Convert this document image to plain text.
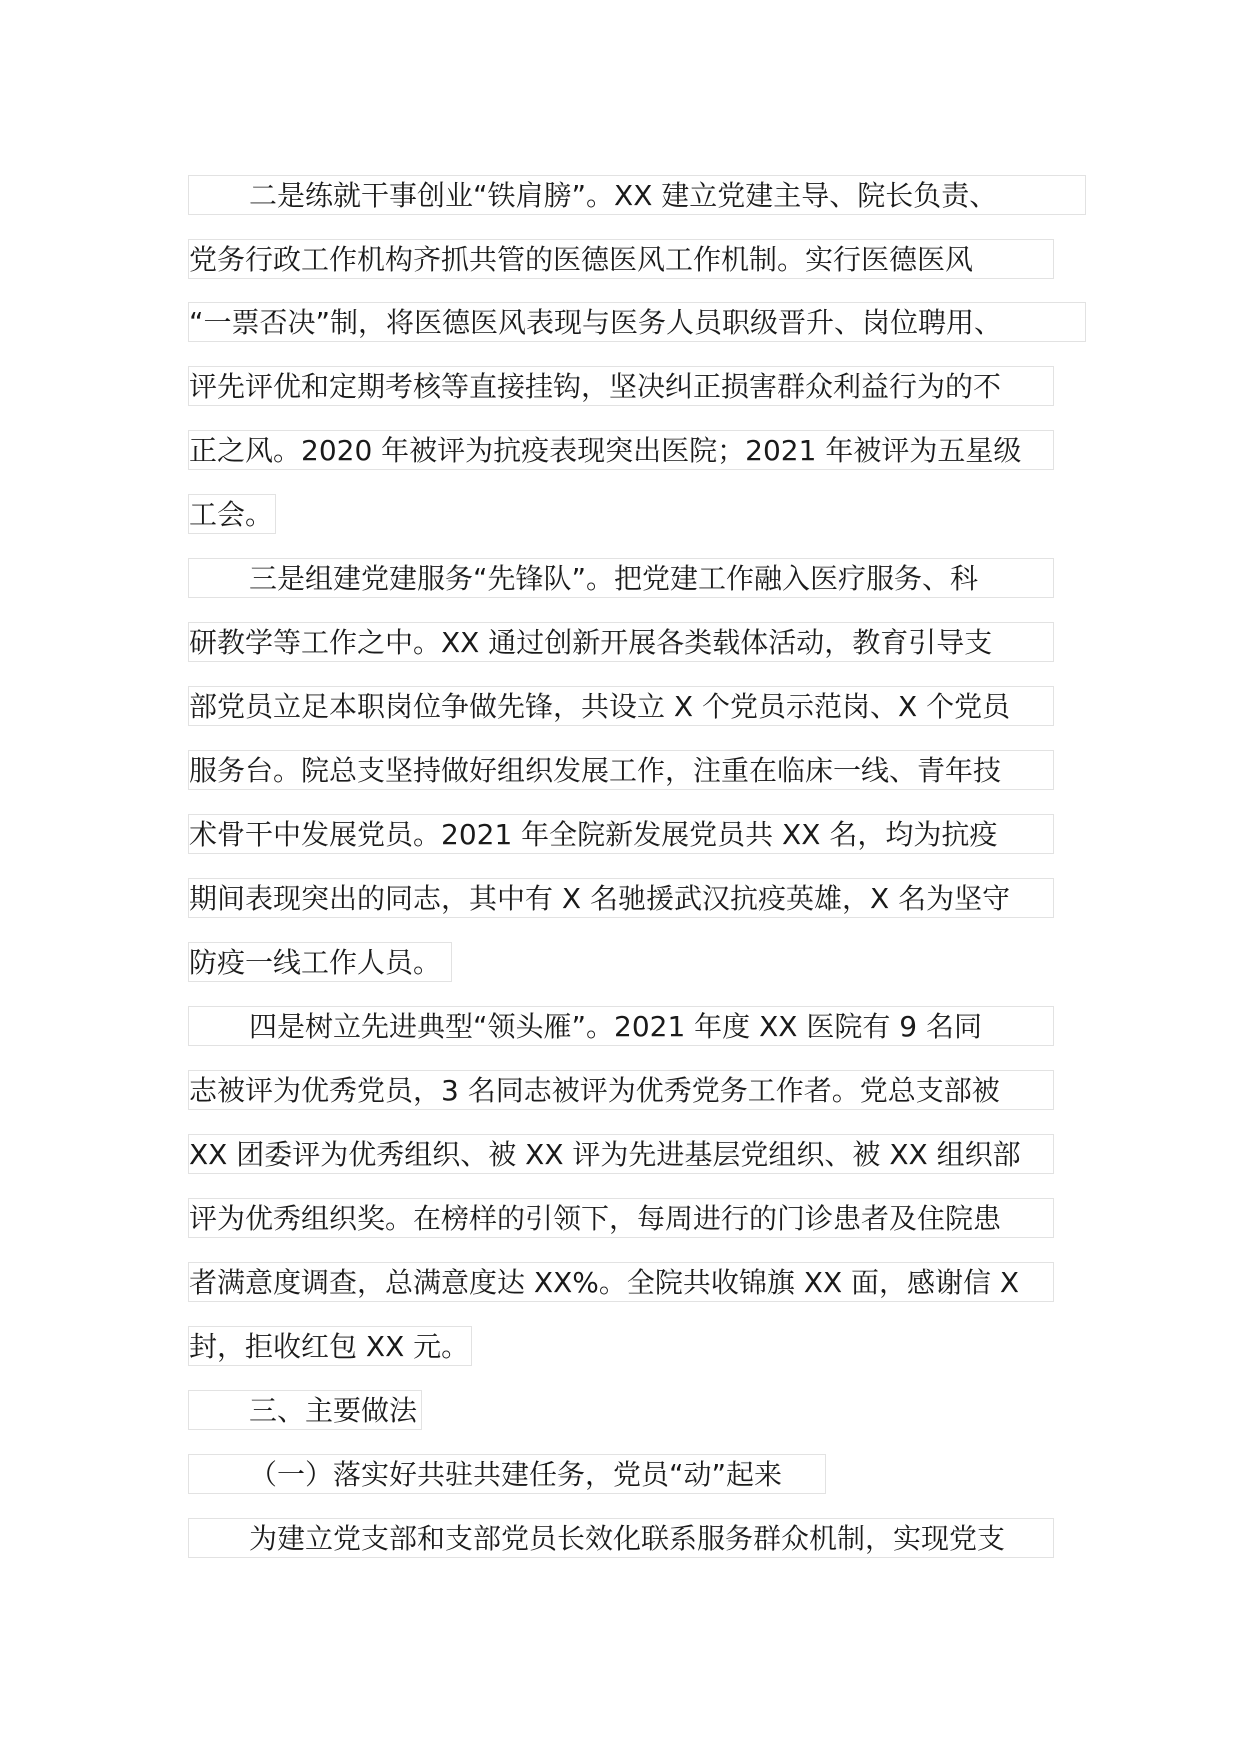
二是练就干事创业“铁肩膀”。XX 建立党建主导、院长负责、
党务行政工作机构齐抓共管的医德医风工作机制。实行医德医风
“一票否决”制，将医德医风表现与医务人员职级晋升、岗位聘用、
评先评优和定期考核等直接挂钩，坚决纠正损害群众利益行为的不
正之风。2020 年被评为抗疫表现突出医院；2021 年被评为五星级
工会。
三是组建党建服务“先锋队”。把党建工作融入医疗服务、科
研教学等工作之中。XX 通过创新开展各类载体活动，教育引导支
部党员立足本职岗位争做先锋，共设立 X 个党员示范岗、X 个党员
服务台。院总支坚持做好组织发展工作，注重在临床一线、青年技
术骨干中发展党员。2021 年全院新发展党员共 XX 名，均为抗疫
期间表现突出的同志，其中有 X 名驰援武汉抗疫英雄，X 名为坚守
防疫一线工作人员。
四是树立先进典型“领头雁”。2021 年度 XX 医院有 9 名同
志被评为优秀党员，3 名同志被评为优秀党务工作者。党总支部被
XX 团委评为优秀组织、被 XX 评为先进基层党组织、被 XX 组织部
评为优秀组织奖。在榜样的引领下，每周进行的门诊患者及住院患
者满意度调查，总满意度达 XX%。全院共收锦旗 XX 面，感谢信 X
封，拒收红包 XX 元。
三、主要做法
（一）落实好共驻共建任务，党员“动”起来
为建立党支部和支部党员长效化联系服务群众机制，实现党支
